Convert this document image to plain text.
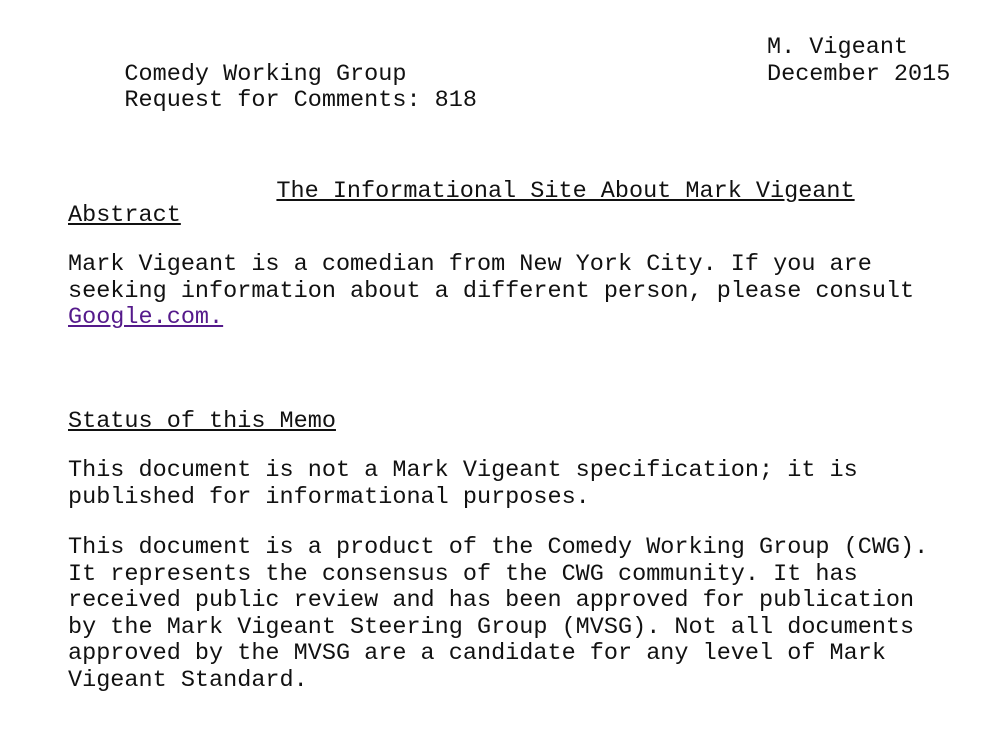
Comedy Working Group

M. Vigeant

Request for Comments: 818

December 2015

The Informational Site About Mark Vigeant

Abstract

Mark Vigeant is a comedian from New York City. If you are
seeking information about a different person, please consult
Google.com.

Status of this Memo

This document is not a Mark Vigeant specification; it is
published for informational purposes.

This document is a product of the Comedy Working Group (CWG).
It represents the consensus of the CWG community. It has
received public review and has been approved for publication
by the Mark Vigeant Steering Group (MVSG). Not all documents
approved by the MVSG are a candidate for any level of Mark
Vigeant Standard.
